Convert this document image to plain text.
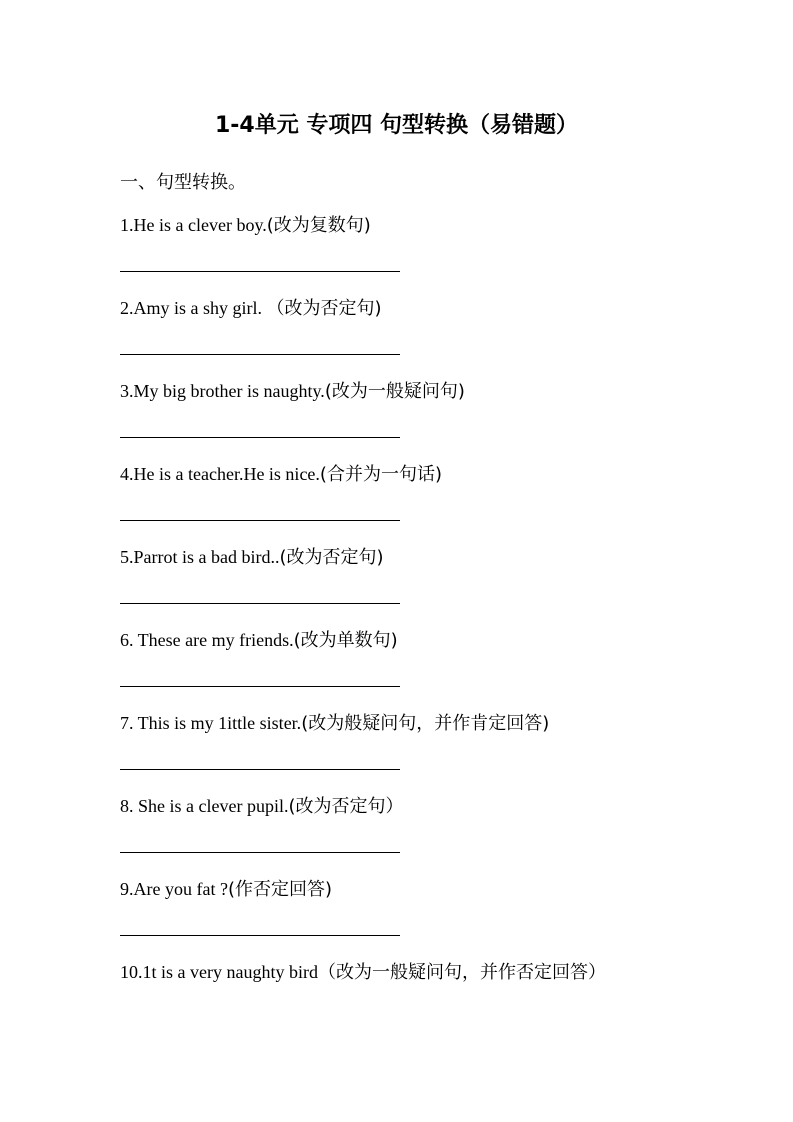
1-4单元 专项四 句型转换（易错题）
一、句型转换。
1.He is a clever boy.(改为复数句)
2.Amy is a shy girl. （改为否定句)
3.My big brother is naughty.(改为一般疑问句)
4.He is a teacher.He is nice.(合并为一句话)
5.Parrot is a bad bird..(改为否定句)
6. These are my friends.(改为单数句)
7. This is my 1ittle sister.(改为般疑问句，并作肯定回答)
8. She is a clever pupil.(改为否定句）
9.Are you fat ?(作否定回答)
10.1t is a very naughty bird（改为一般疑问句，并作否定回答）
